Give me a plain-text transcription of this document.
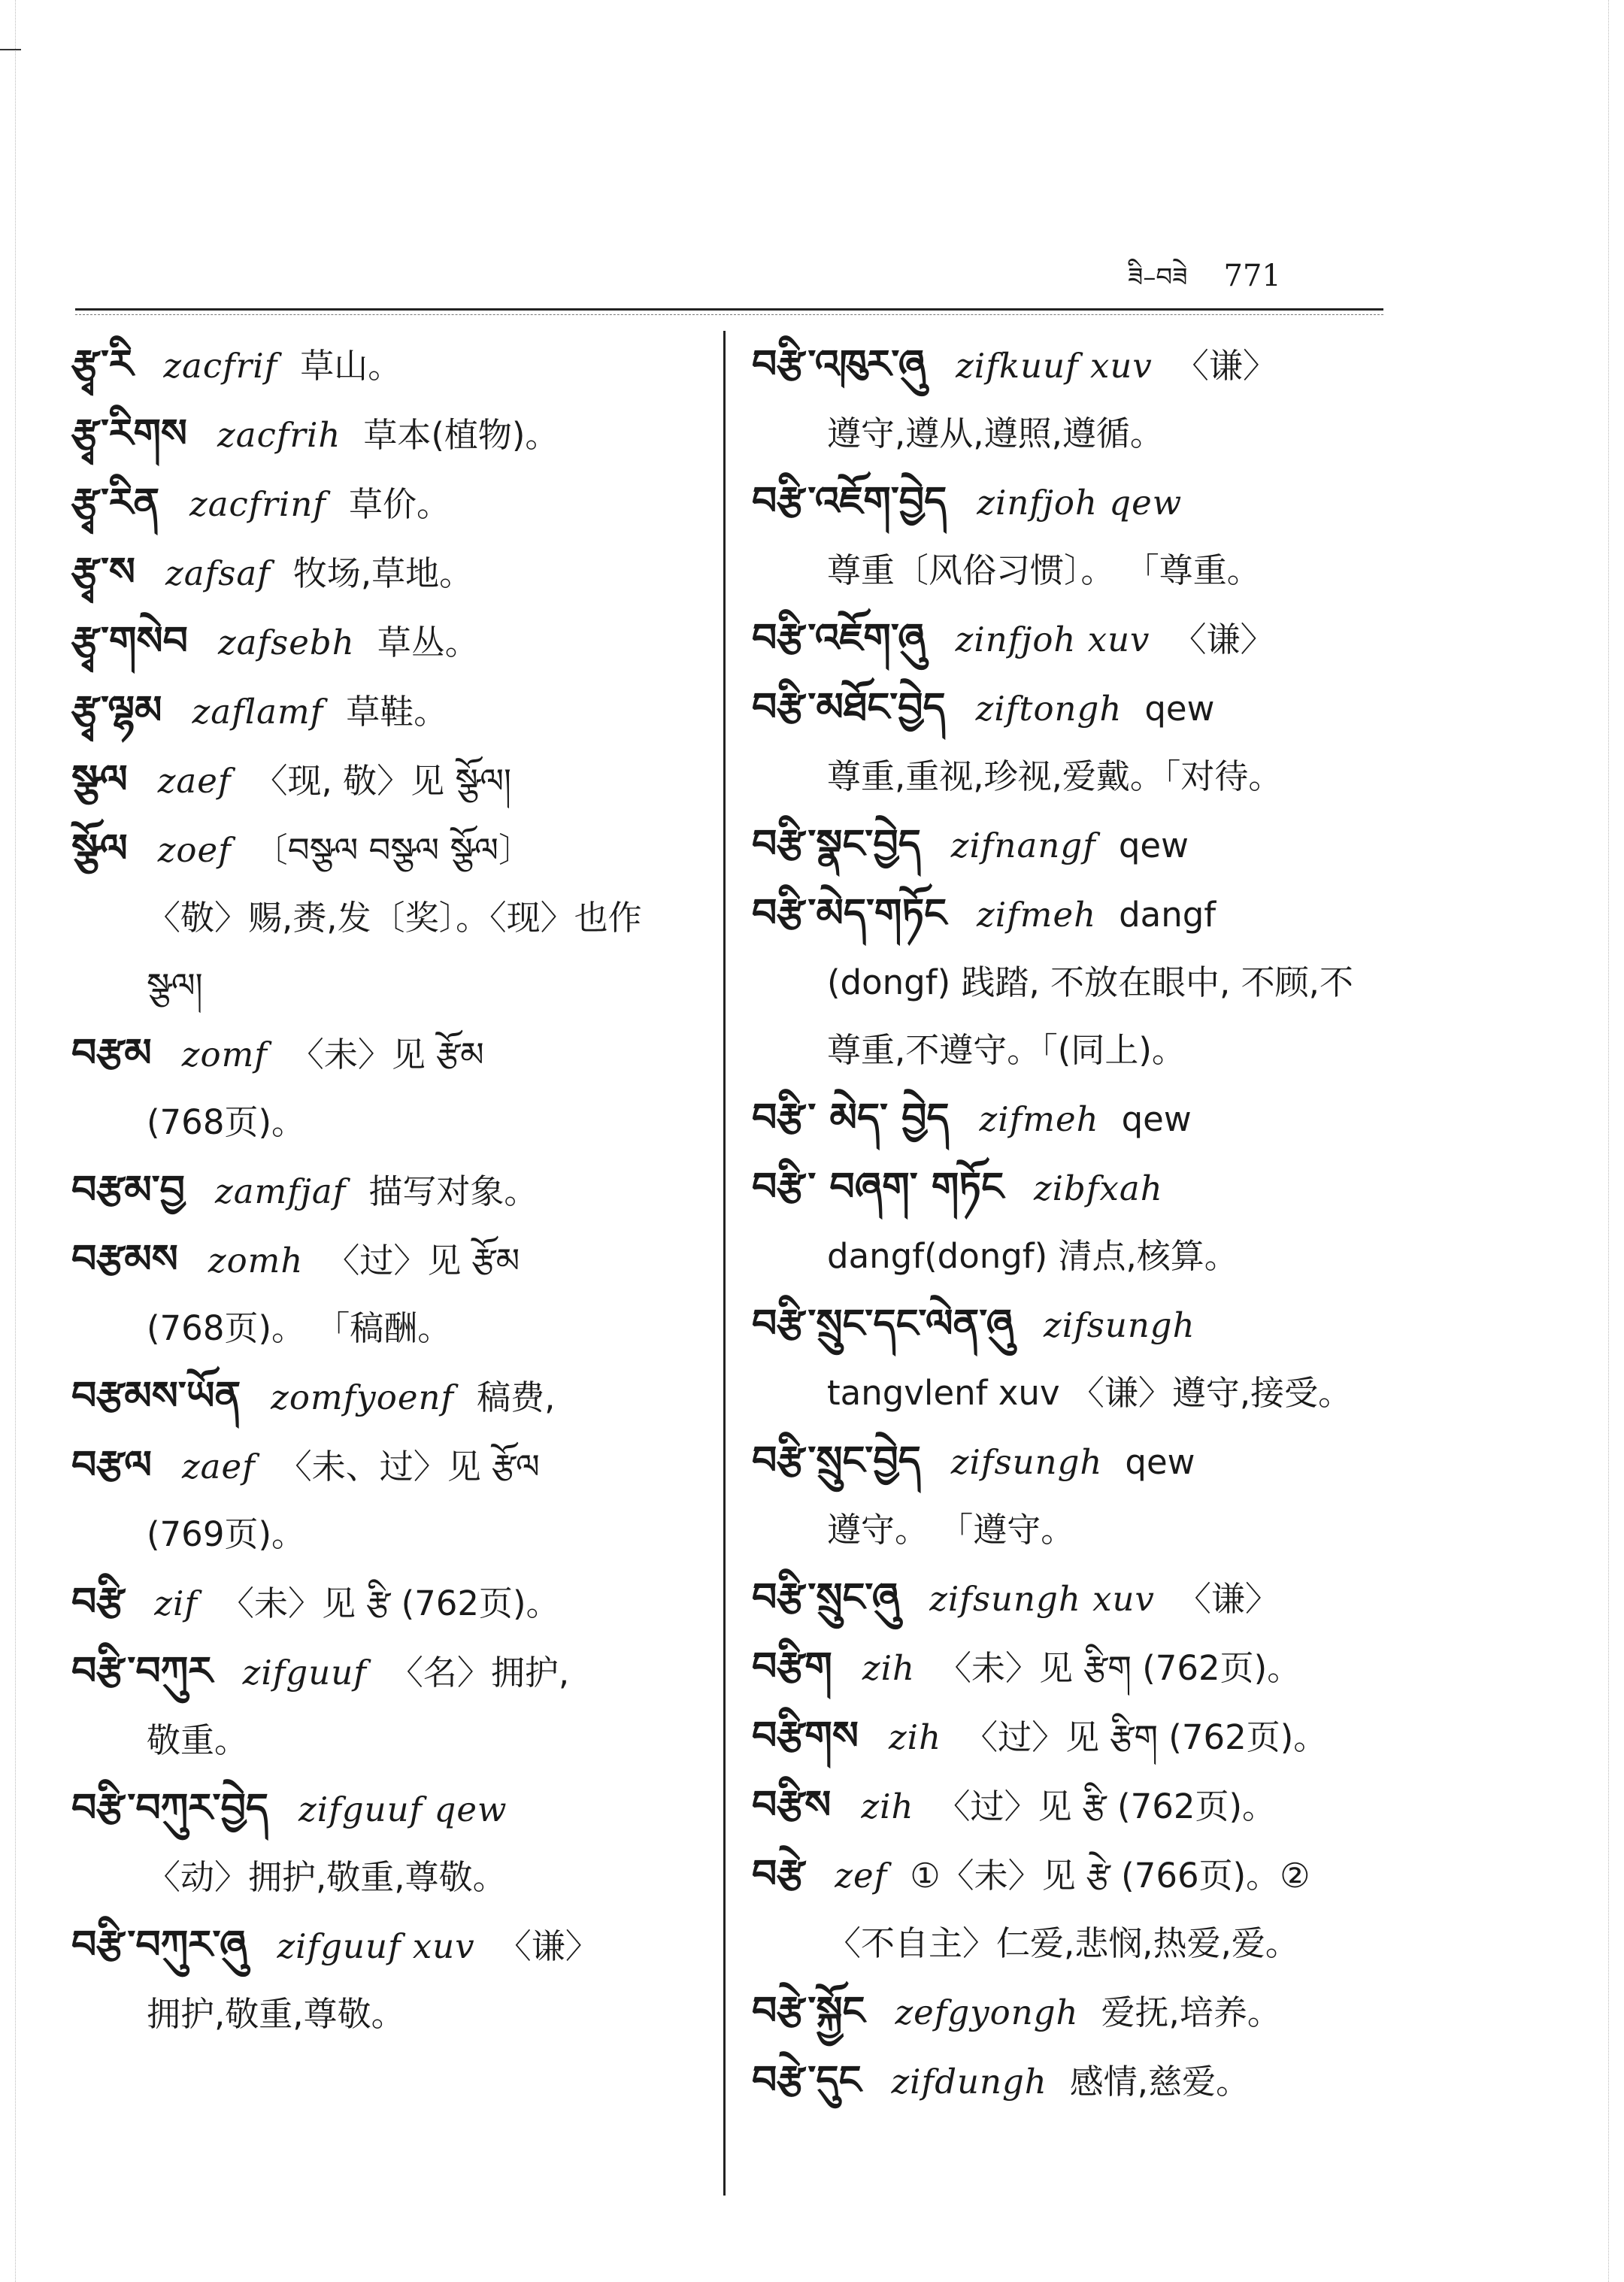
ཟི–བཟེ 771
རྩྭ་རི zacfrif 草山。
རྩྭ་རིགས zacfrih 草本(植物)。
རྩྭ་རིན zacfrinf 草价。
རྩྭ་ས zafsaf 牧场,草地。
རྩྭ་གསེབ zafsebh 草丛。
རྩྭ་ལྷམ zaflamf 草鞋。
སྩལ zaef 〈现, 敬〉见 སྩོལ།
སྩོལ zoef 〔བསྩལ བསྩལ སྩོལ〕
〈敬〉赐,赉,发〔奖〕。〈现〉也作 སྩལ།
བརྩམ zomf 〈未〉见 རྩོམ
(768页)。
བརྩམ་བྱ zamfjaf 描写对象。
བརྩམས zomh 〈过〉见 རྩོམ
(768页)。 「稿酬。
བརྩམས་ཡོན zomfyoenf 稿费,
བརྩལ zaef 〈未、过〉见 རྩོལ
(769页)。
བརྩི zif 〈未〉见 རྩི (762页)。
བརྩི་བཀུར zifguuf 〈名〉拥护,
敬重。
བརྩི་བཀུར་བྱེད zifguuf qew
〈动〉拥护,敬重,尊敬。
བརྩི་བཀུར་ཞུ zifguuf xuv 〈谦〉
拥护,敬重,尊敬。
བརྩི་འཁུར་ཞུ zifkuuf xuv 〈谦〉
遵守,遵从,遵照,遵循。
བརྩི་འཇོག་བྱེད zinfjoh qew
尊重〔风俗习惯〕。 「尊重。
བརྩི་འཇོག་ཞུ zinfjoh xuv 〈谦〉
བརྩི་མཐོང་བྱེད ziftongh qew
尊重,重视,珍视,爱戴。「对待。
བརྩི་སྣང་བྱེད zifnangf qew
བརྩི་མེད་གཏོང zifmeh dangf
(dongf) 践踏, 不放在眼中, 不顾,不尊重,不遵守。「(同上)。
བརྩི་ མེད་ བྱེད zifmeh qew
བརྩི་ བཞག་ གཏོང zibfxah
dangf(dongf) 清点,核算。
བརྩི་སྲུང་དང་ལེན་ཞུ zifsungh
tangvlenf xuv 〈谦〉遵守,接受。
བརྩི་སྲུང་བྱེད zifsungh qew
遵守。 「遵守。
བརྩི་སྲུང་ཞུ zifsungh xuv 〈谦〉
བརྩིག zih 〈未〉见 རྩིག (762页)。
བརྩིགས zih 〈过〉见 རྩིག (762页)。
བརྩིས zih 〈过〉见 རྩི (762页)。
བརྩེ zef ①〈未〉见 རྩེ (766页)。②
〈不自主〉仁爱,悲悯,热爱,爱。
བརྩེ་སྐྱོང zefgyongh 爱抚,培养。
བརྩེ་དུང zifdungh 感情,慈爱。
